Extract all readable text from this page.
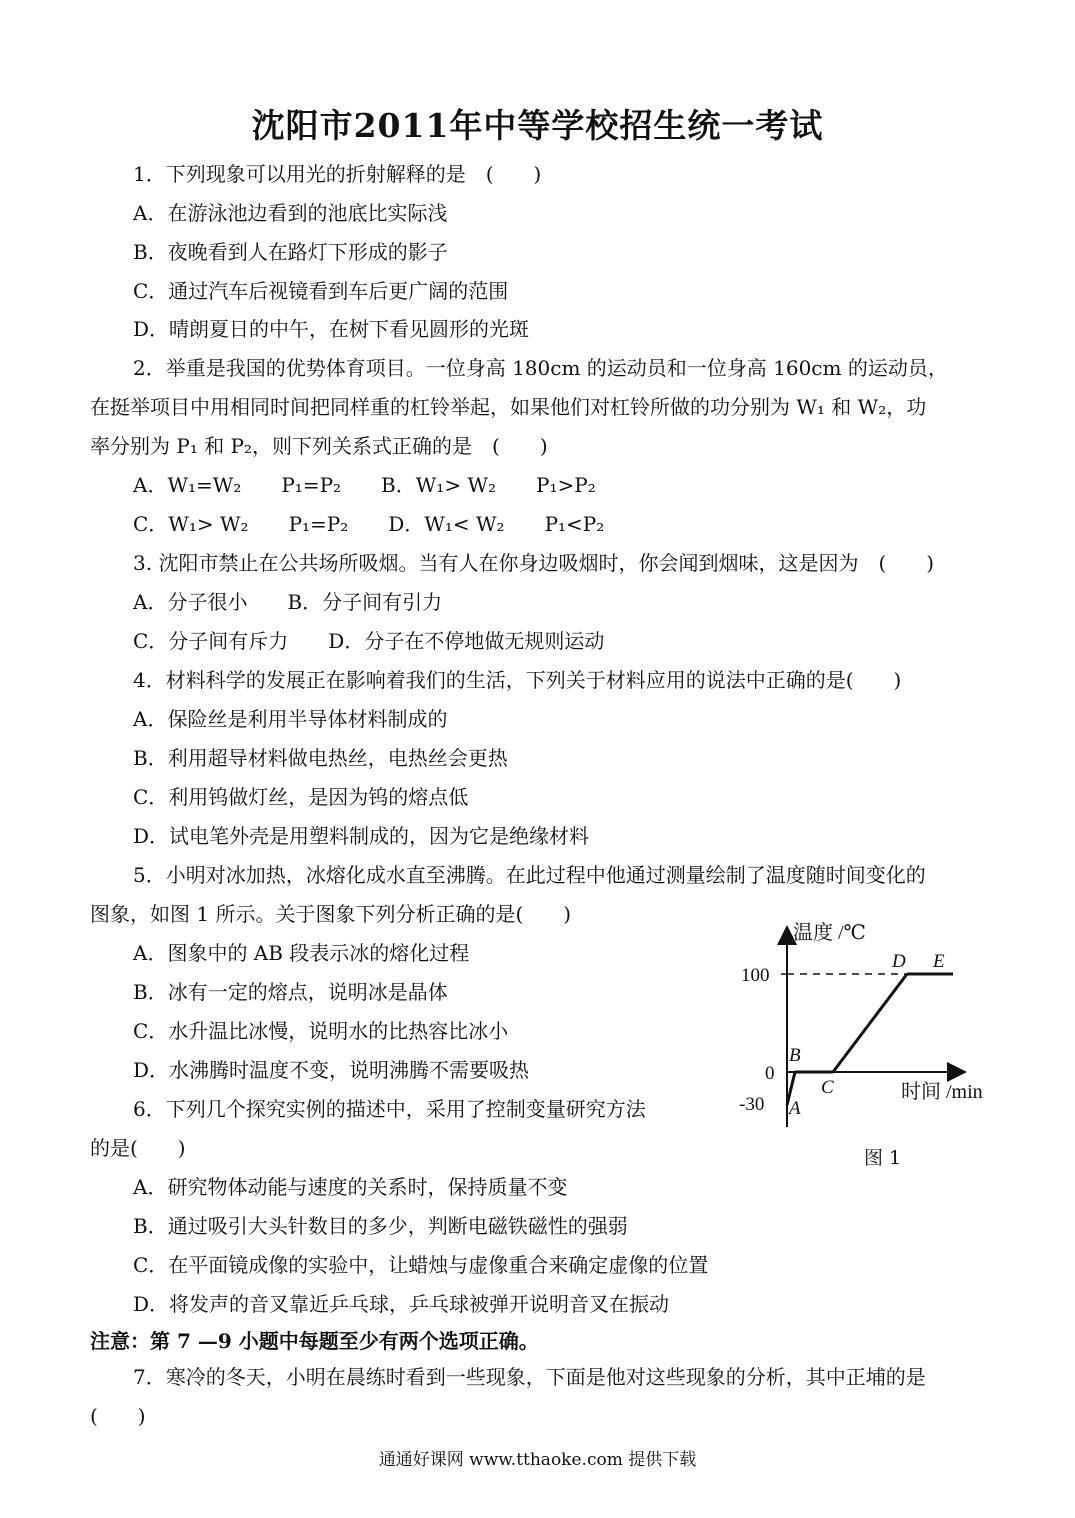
沈阳市2011年中等学校招生统一考试
1．下列现象可以用光的折射解释的是　(　　)
A．在游泳池边看到的池底比实际浅
B．夜晚看到人在路灯下形成的影子
C．通过汽车后视镜看到车后更广阔的范围
D．晴朗夏日的中午，在树下看见圆形的光斑
2．举重是我国的优势体育项目。一位身高 180cm 的运动员和一位身高 160cm 的运动员，
在挺举项目中用相同时间把同样重的杠铃举起，如果他们对杠铃所做的功分别为 W₁ 和 W₂，功
率分别为 P₁ 和 P₂，则下列关系式正确的是　(　　)
A．W₁=W₂　　P₁=P₂　　B．W₁> W₂　　P₁>P₂
C．W₁> W₂　　P₁=P₂　　D．W₁< W₂　　P₁<P₂
3. 沈阳市禁止在公共场所吸烟。当有人在你身边吸烟时，你会闻到烟味，这是因为　(　　)
A．分子很小　　B．分子间有引力
C．分子间有斥力　　D．分子在不停地做无规则运动
4．材料科学的发展正在影响着我们的生活，下列关于材料应用的说法中正确的是(　　)
A．保险丝是利用半导体材料制成的
B．利用超导材料做电热丝，电热丝会更热
C．利用钨做灯丝，是因为钨的熔点低
D．试电笔外壳是用塑料制成的，因为它是绝缘材料
5．小明对冰加热，冰熔化成水直至沸腾。在此过程中他通过测量绘制了温度随时间变化的
图象，如图 1 所示。关于图象下列分析正确的是(　　)
A．图象中的 AB 段表示冰的熔化过程
B．冰有一定的熔点，说明冰是晶体
C．水升温比冰慢，说明水的比热容比冰小
D．水沸腾时温度不变，说明沸腾不需要吸热
6．下列几个探究实例的描述中，采用了控制变量研究方法
的是(　　)
A．研究物体动能与速度的关系时，保持质量不变
B．通过吸引大头针数目的多少，判断电磁铁磁性的强弱
C．在平面镜成像的实验中，让蜡烛与虚像重合来确定虚像的位置
D．将发声的音叉靠近乒乓球，乒乓球被弹开说明音叉在振动
注意：第 7 —9 小题中每题至少有两个选项正确。
7．寒冷的冬天，小明在晨练时看到一些现象，下面是他对这些现象的分析，其中正埔的是
(　　)
温度 /℃
时间 /min
100
0
-30 A
B
C
D E
图 1
通通好课网 www.tthaoke.com 提供下载
